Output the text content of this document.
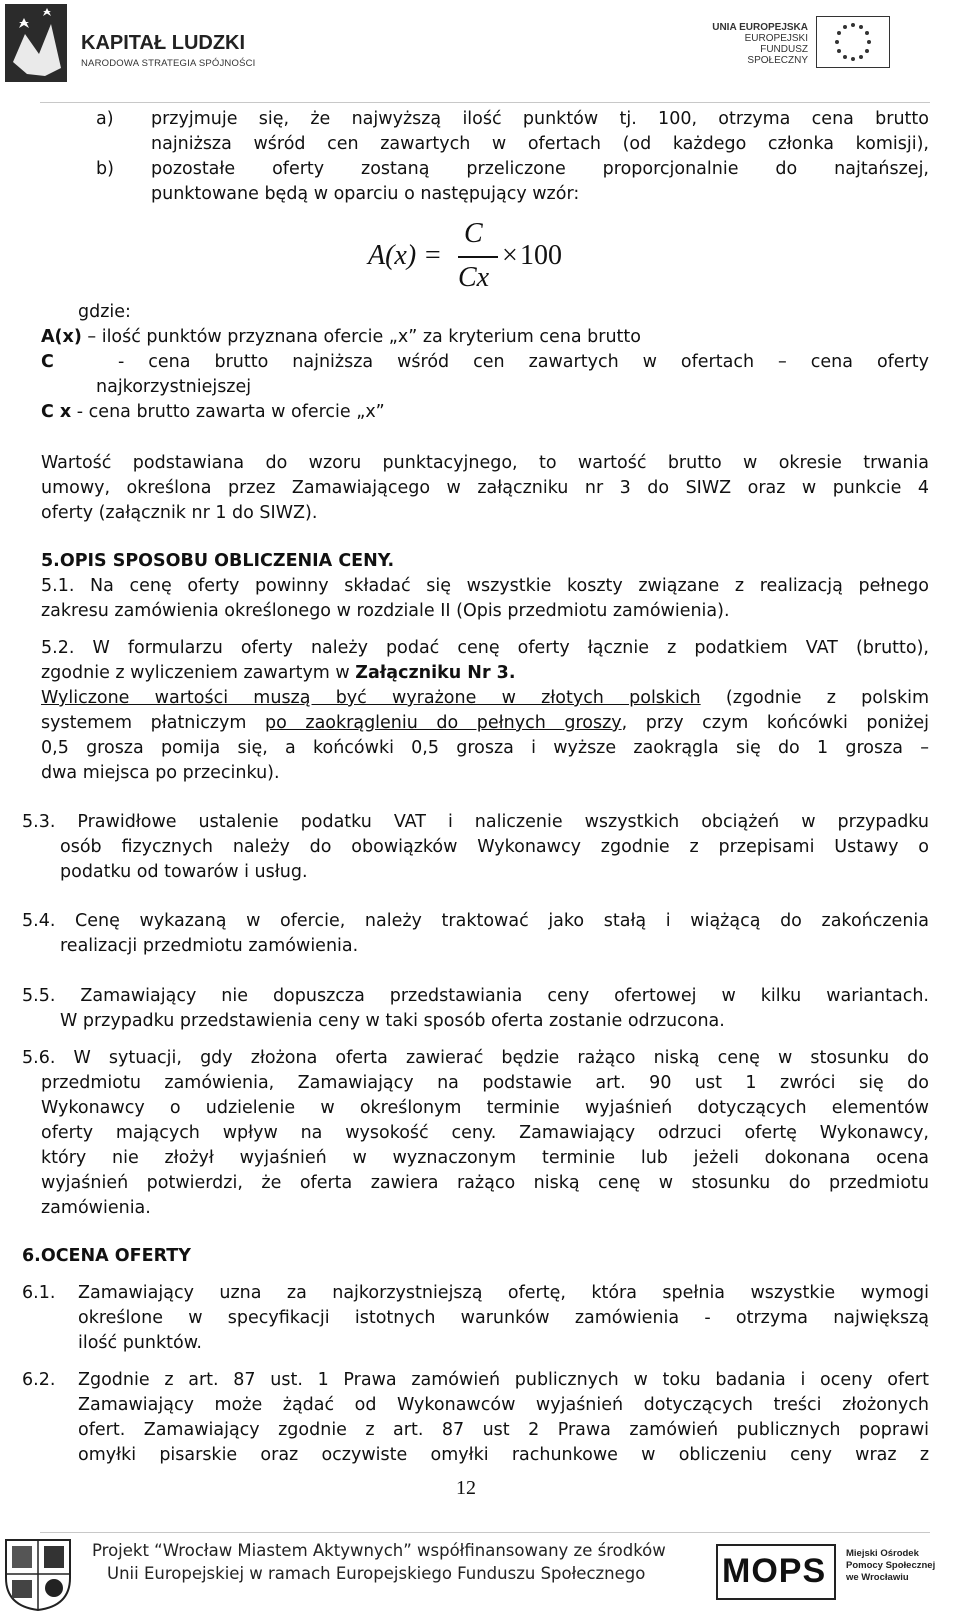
KAPITAŁ LUDZKI
NARODOWA STRATEGIA SPÓJNOŚCI
UNIA EUROPEJSKA
EUROPEJSKI
FUNDUSZ SPOŁECZNY
a) przyjmuje się, że najwyższą ilość punktów tj. 100, otrzyma cena brutto
najniższa wśród cen zawartych w ofertach (od każdego członka komisji),
b) pozostałe oferty zostaną przeliczone proporcjonalnie do najtańszej,
punktowane będą w oparciu o następujący wzór:
A(x) =
C
Cx
× 100
gdzie:
A(x) – ilość punktów przyznana ofercie „x” za kryterium cena brutto
C	- cena brutto najniższa wśród cen zawartych w ofertach – cena oferty
najkorzystniejszej
C x - cena brutto zawarta w ofercie „x”
Wartość podstawiana do wzoru punktacyjnego, to wartość brutto w okresie trwania
umowy, określona przez Zamawiającego w załączniku nr 3 do SIWZ oraz w punkcie 4
oferty (załącznik nr 1 do SIWZ).
5.OPIS SPOSOBU OBLICZENIA CENY.
5.1. Na cenę oferty powinny składać się wszystkie koszty związane z realizacją pełnego
zakresu zamówienia określonego w rozdziale II (Opis przedmiotu zamówienia).
5.2. W formularzu oferty należy podać cenę oferty łącznie z podatkiem VAT (brutto),
zgodnie z wyliczeniem zawartym w Załączniku Nr 3.
Wyliczone wartości muszą być wyrażone w złotych polskich (zgodnie z polskim
systemem płatniczym po zaokrągleniu do pełnych groszy, przy czym końcówki poniżej
0,5 grosza pomija się, a końcówki 0,5 grosza i wyższe zaokrągla się do 1 grosza –
dwa miejsca po przecinku).
5.3. Prawidłowe ustalenie podatku VAT i naliczenie wszystkich obciążeń w przypadku
osób fizycznych należy do obowiązków Wykonawcy zgodnie z przepisami Ustawy o
podatku od towarów i usług.
5.4. Cenę wykazaną w ofercie, należy traktować jako stałą i wiążącą do zakończenia
realizacji przedmiotu zamówienia.
5.5. Zamawiający nie dopuszcza przedstawiania ceny ofertowej w kilku wariantach.
W przypadku przedstawienia ceny w taki sposób oferta zostanie odrzucona.
5.6. W sytuacji, gdy złożona oferta zawierać będzie rażąco niską cenę w stosunku do
przedmiotu zamówienia, Zamawiający na podstawie art. 90 ust 1 zwróci się do
Wykonawcy o udzielenie w określonym terminie wyjaśnień dotyczących elementów
oferty mających wpływ na wysokość ceny. Zamawiający odrzuci ofertę Wykonawcy,
który nie złożył wyjaśnień w wyznaczonym terminie lub jeżeli dokonana ocena
wyjaśnień potwierdzi, że oferta zawiera rażąco niską cenę w stosunku do przedmiotu
zamówienia.
6.OCENA OFERTY
6.1. Zamawiający uzna za najkorzystniejszą ofertę, która spełnia wszystkie wymogi
określone w specyfikacji istotnych warunków zamówienia - otrzyma największą
ilość punktów.
6.2. Zgodnie z art. 87 ust. 1 Prawa zamówień publicznych w toku badania i oceny ofert
Zamawiający może żądać od Wykonawców wyjaśnień dotyczących treści złożonych
ofert. Zamawiający zgodnie z art. 87 ust 2 Prawa zamówień publicznych poprawi
omyłki pisarskie oraz oczywiste omyłki rachunkowe w obliczeniu ceny wraz z
12
Projekt “Wrocław Miastem Aktywnych” współfinansowany ze środków
Unii Europejskiej w ramach Europejskiego Funduszu Społecznego MOPS Miejski Ośrodek
Pomocy Społecznej
we Wrocławiu
